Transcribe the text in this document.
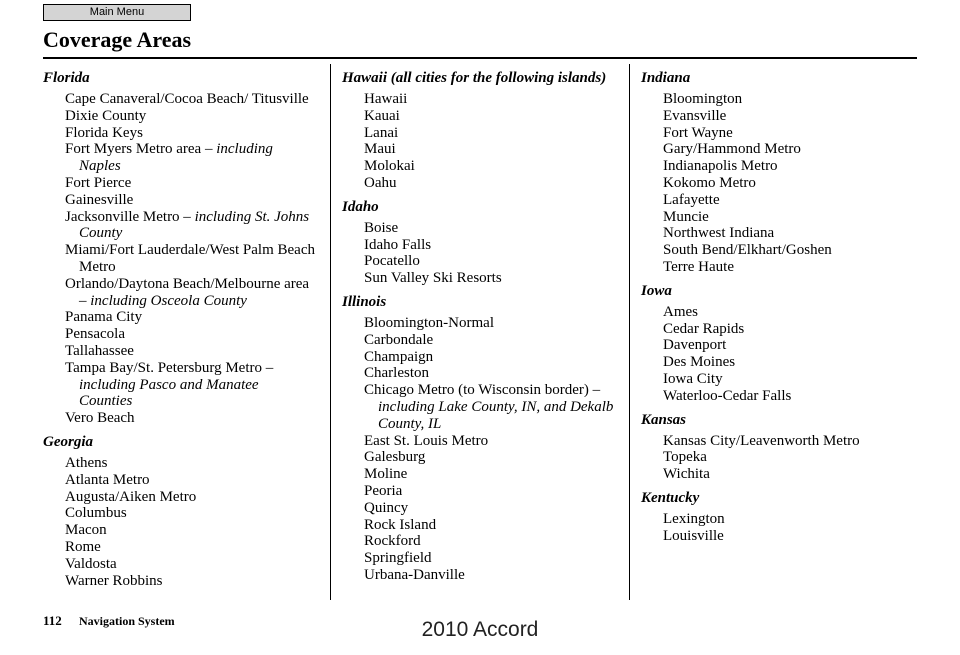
Main Menu
Coverage Areas
Florida
Cape Canaveral/Cocoa Beach/ Titusville
Dixie County
Florida Keys
Fort Myers Metro area – including Naples
Fort Pierce
Gainesville
Jacksonville Metro – including St. Johns County
Miami/Fort Lauderdale/West Palm Beach Metro
Orlando/Daytona Beach/Melbourne area – including Osceola County
Panama City
Pensacola
Tallahassee
Tampa Bay/St. Petersburg Metro – including Pasco and Manatee Counties
Vero Beach
Georgia
Athens
Atlanta Metro
Augusta/Aiken Metro
Columbus
Macon
Rome
Valdosta
Warner Robbins
Hawaii (all cities for the following islands)
Hawaii
Kauai
Lanai
Maui
Molokai
Oahu
Idaho
Boise
Idaho Falls
Pocatello
Sun Valley Ski Resorts
Illinois
Bloomington-Normal
Carbondale
Champaign
Charleston
Chicago Metro (to Wisconsin border) – including Lake County, IN, and Dekalb County, IL
East St. Louis Metro
Galesburg
Moline
Peoria
Quincy
Rock Island
Rockford
Springfield
Urbana-Danville
Indiana
Bloomington
Evansville
Fort Wayne
Gary/Hammond Metro
Indianapolis Metro
Kokomo Metro
Lafayette
Muncie
Northwest Indiana
South Bend/Elkhart/Goshen
Terre Haute
Iowa
Ames
Cedar Rapids
Davenport
Des Moines
Iowa City
Waterloo-Cedar Falls
Kansas
Kansas City/Leavenworth Metro
Topeka
Wichita
Kentucky
Lexington
Louisville
112 Navigation System	2010 Accord
